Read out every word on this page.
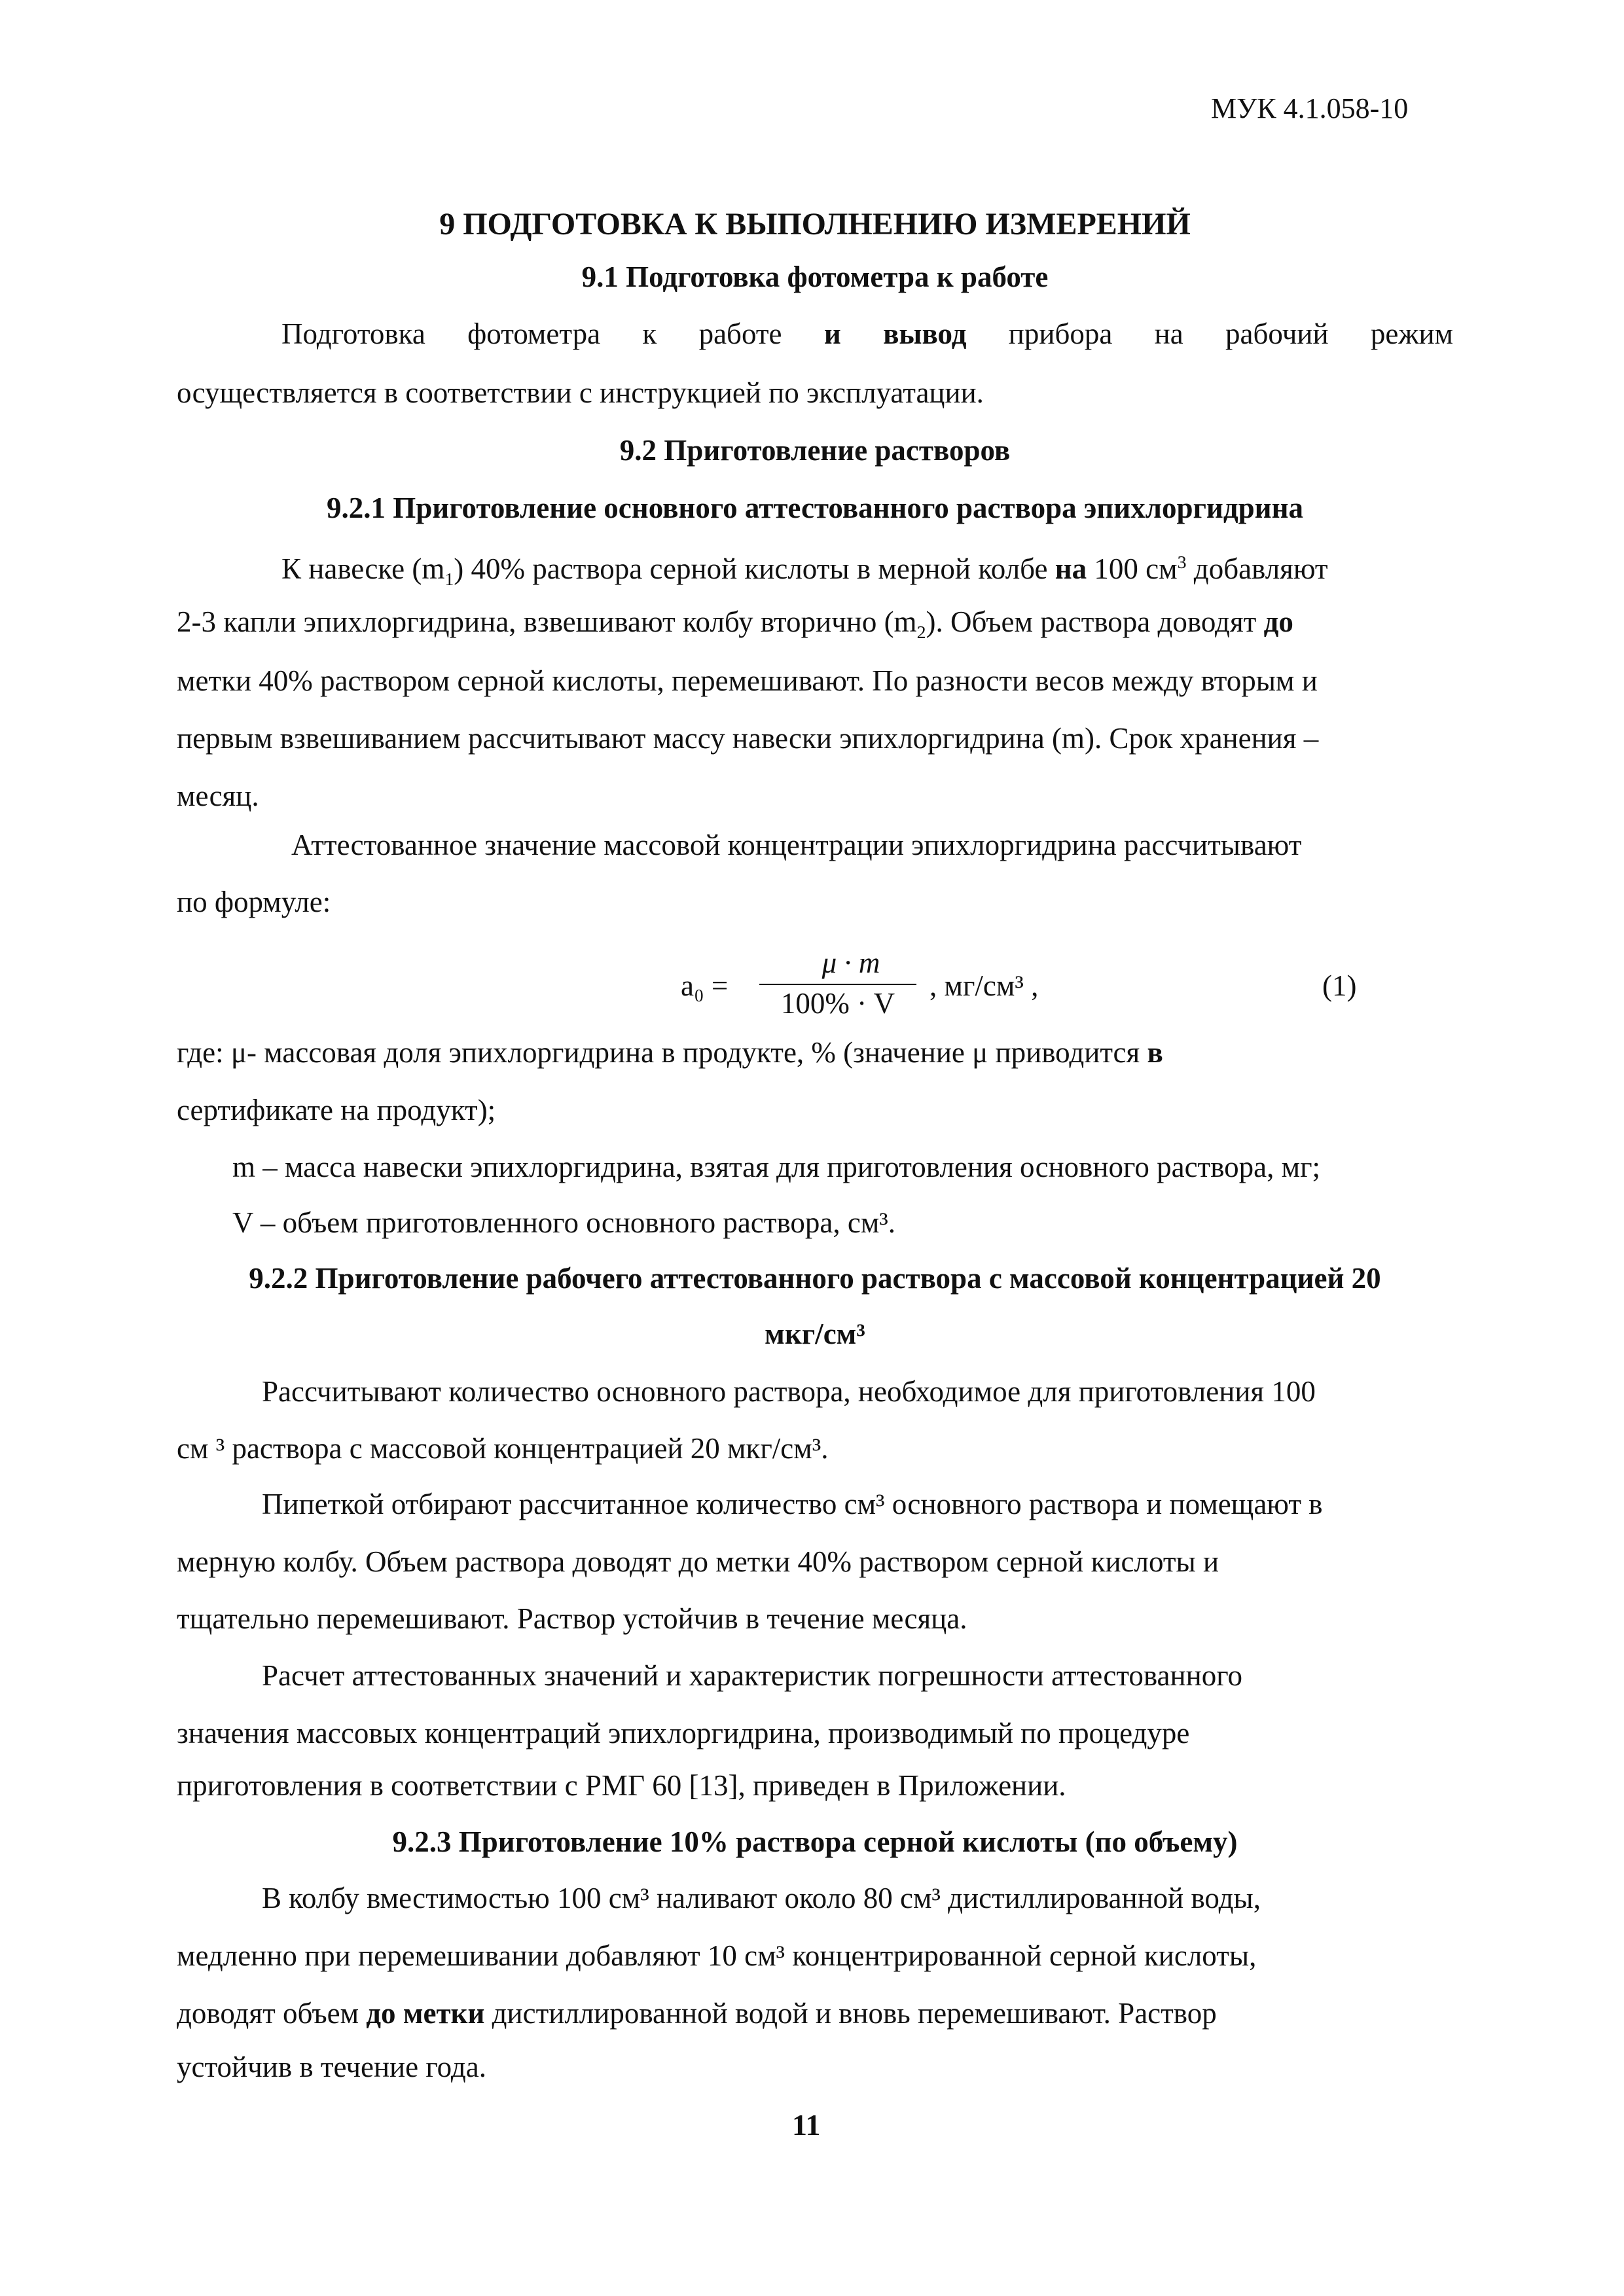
МУК 4.1.058-10
9 ПОДГОТОВКА К ВЫПОЛНЕНИЮ ИЗМЕРЕНИЙ
9.1 Подготовка фотометра к работе
Подготовка фотометра к работе и вывод прибора на рабочий режим
осуществляется в соответствии с инструкцией по эксплуатации.
9.2 Приготовление растворов
9.2.1 Приготовление основного аттестованного раствора эпихлоргидрина
К навеске $(m_1)$ 40% раствора серной кислоты в мерной колбе на 100 $см^3$ добавляют
2-3 капли эпихлоргидрина, взвешивают колбу вторично $(m_2)$. Объем раствора доводят до
метки 40% раствором серной кислоты, перемешивают. По разности весов между вторым и
первым взвешиванием рассчитывают массу навески эпихлоргидрина (m). Срок хранения –
месяц.
Аттестованное значение массовой концентрации эпихлоргидрина рассчитывают
по формуле:
a₀ =
μ · m
100% · V
, мг/см³ ,	(1)
где: μ- массовая доля эпихлоргидрина в продукте, % (значение μ приводится в
сертификате на продукт);
m – масса навески эпихлоргидрина, взятая для приготовления основного раствора, мг;
V – объем приготовленного основного раствора, см³.
9.2.2 Приготовление рабочего аттестованного раствора с массовой концентрацией 20
мкг/см³
Рассчитывают количество основного раствора, необходимое для приготовления 100
см ³ раствора с массовой концентрацией 20 мкг/см³.
Пипеткой отбирают рассчитанное количество см³ основного раствора и помещают в
мерную колбу. Объем раствора доводят до метки 40% раствором серной кислоты и
тщательно перемешивают. Раствор устойчив в течение месяца.
Расчет аттестованных значений и характеристик погрешности аттестованного
значения массовых концентраций эпихлоргидрина, производимый по процедуре
приготовления в соответствии с РМГ 60 [13], приведен в Приложении.
9.2.3 Приготовление 10% раствора серной кислоты (по объему)
В колбу вместимостью 100 см³ наливают около 80 см³ дистиллированной воды,
медленно при перемешивании добавляют 10 см³ концентрированной серной кислоты,
доводят объем до метки дистиллированной водой и вновь перемешивают. Раствор
устойчив в течение года.
11
